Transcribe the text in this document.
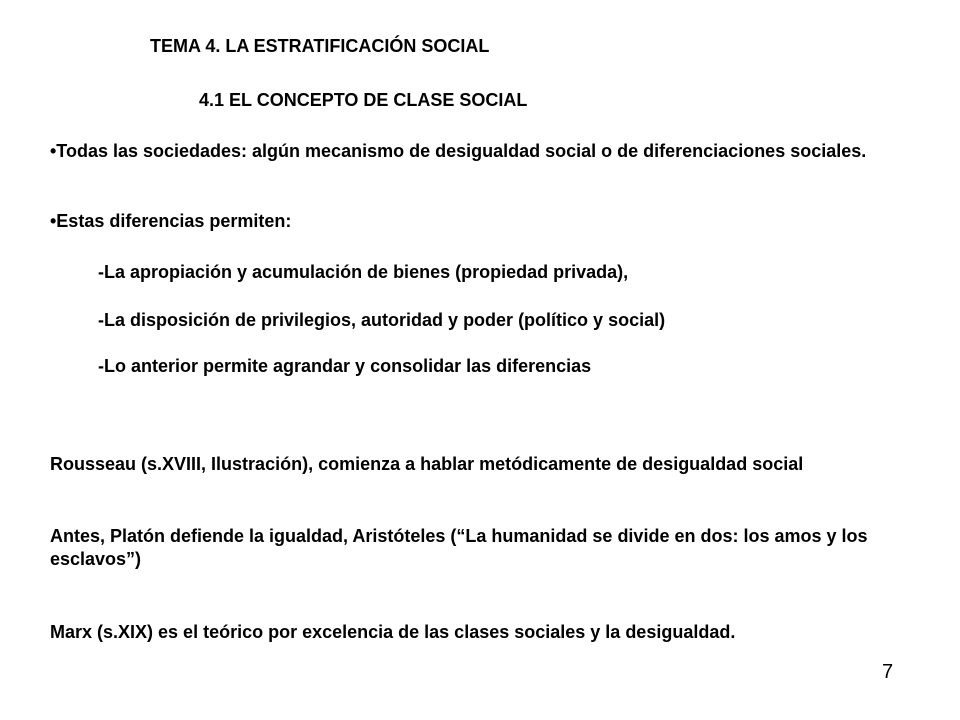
TEMA 4. LA ESTRATIFICACIÓN SOCIAL
4.1 EL CONCEPTO DE CLASE SOCIAL
•Todas las sociedades: algún mecanismo de desigualdad social o de diferenciaciones sociales.
•Estas diferencias permiten:
-La apropiación y acumulación de bienes (propiedad privada),
-La disposición de privilegios, autoridad y poder (político y social)
-Lo anterior permite agrandar y consolidar las diferencias
Rousseau (s.XVIII, Ilustración), comienza a hablar metódicamente de desigualdad social
Antes, Platón defiende la igualdad, Aristóteles (“La humanidad se divide en dos: los amos y los esclavos”)
Marx (s.XIX) es el teórico por excelencia de las clases sociales y la desigualdad.
7
